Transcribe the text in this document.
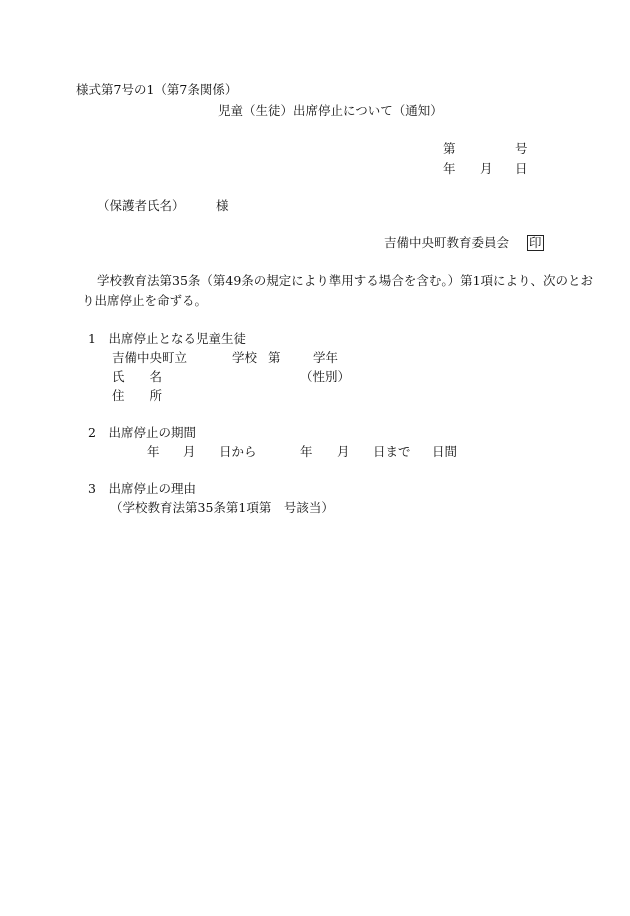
様式第7号の1（第7条関係）
児童（生徒）出席停止について（通知）
第	号
年 月 日
（保護者氏名）	様
吉備中央町教育委員会 印
学校教育法第35条（第49条の規定により準用する場合を含む。）第1項により、次のとお
り出席停止を命ずる。
1　出席停止となる児童生徒
吉備中央町立	学校 第	学年
氏　　名	（性別）
住　　所
2　出席停止の期間
年 月 日から	年 月 日まで 日間
3　出席停止の理由
（学校教育法第35条第1項第　号該当）
